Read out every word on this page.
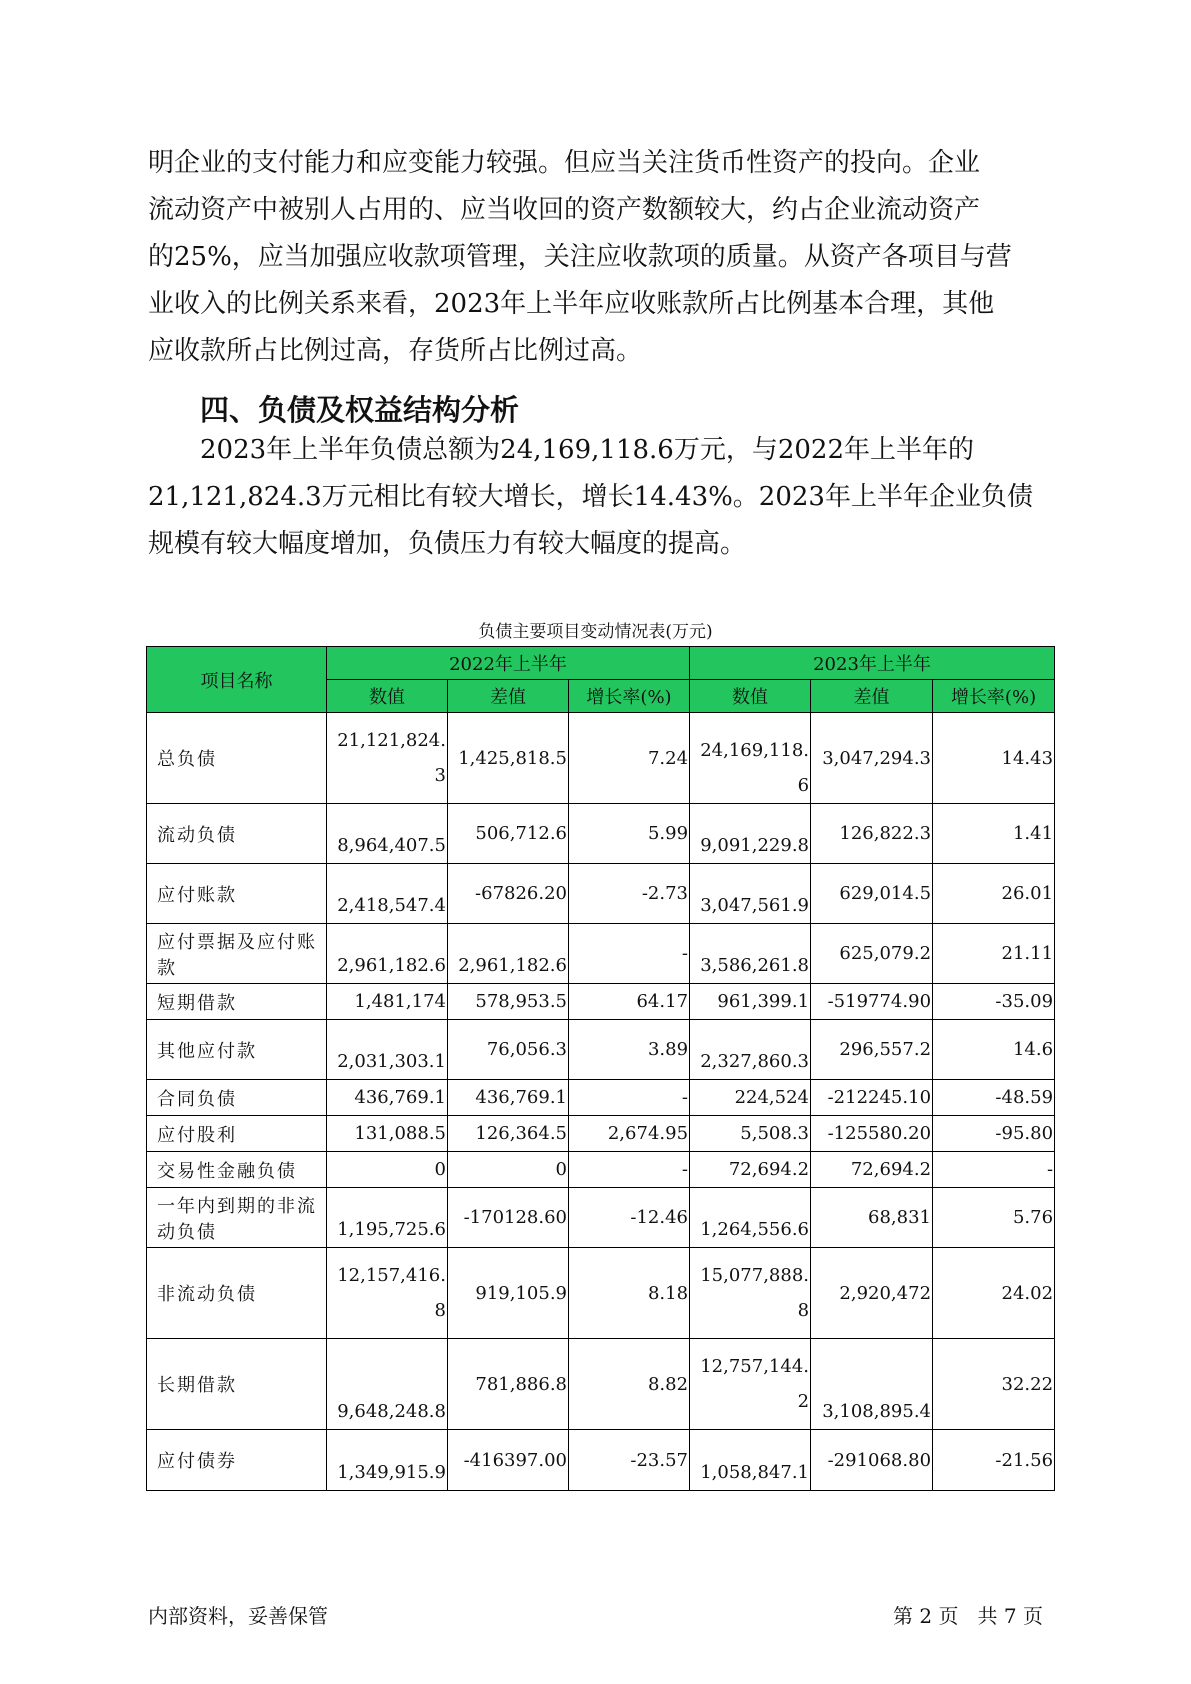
明企业的支付能力和应变能力较强。但应当关注货币性资产的投向。企业

流动资产中被别人占用的、应当收回的资产数额较大，约占企业流动资产

的25%，应当加强应收款项管理，关注应收款项的质量。从资产各项目与营

业收入的比例关系来看，2023年上半年应收账款所占比例基本合理，其他

应收款所占比例过高，存货所占比例过高。

四、负债及权益结构分析

2023年上半年负债总额为24,169,118.6万元，与2022年上半年的

21,121,824.3万元相比有较大增长，增长14.43%。2023年上半年企业负债

规模有较大幅度增加，负债压力有较大幅度的提高。

负债主要项目变动情况表(万元)
项目名称	2022年上半年			2023年上半年		
	数值	差值	增长率(%)	数值	差值	增长率(%)
总负债	21,121,824.3	1,425,818.5	7.24	24,169,118.6	3,047,294.3	14.43
流动负债	8,964,407.5	506,712.6	5.99	9,091,229.8	126,822.3	1.41
应付账款	2,418,547.4	-67826.20	-2.73	3,047,561.9	629,014.5	26.01
应付票据及应付账款	2,961,182.6	2,961,182.6	-	3,586,261.8	625,079.2	21.11
短期借款	1,481,174	578,953.5	64.17	961,399.1	-519774.90	-35.09
其他应付款	2,031,303.1	76,056.3	3.89	2,327,860.3	296,557.2	14.6
合同负债	436,769.1	436,769.1	-	224,524	-212245.10	-48.59
应付股利	131,088.5	126,364.5	2,674.95	5,508.3	-125580.20	-95.80
交易性金融负债	0	0	-	72,694.2	72,694.2	-
一年内到期的非流动负债	1,195,725.6	-170128.60	-12.46	1,264,556.6	68,831	5.76
非流动负债	12,157,416.8	919,105.9	8.18	15,077,888.8	2,920,472	24.02
长期借款	9,648,248.8	781,886.8	8.82	12,757,144.2	3,108,895.4	32.22
应付债券	1,349,915.9	-416397.00	-23.57	1,058,847.1	-291068.80	-21.56
内部资料，妥善保管	第 2 页   共 7 页
